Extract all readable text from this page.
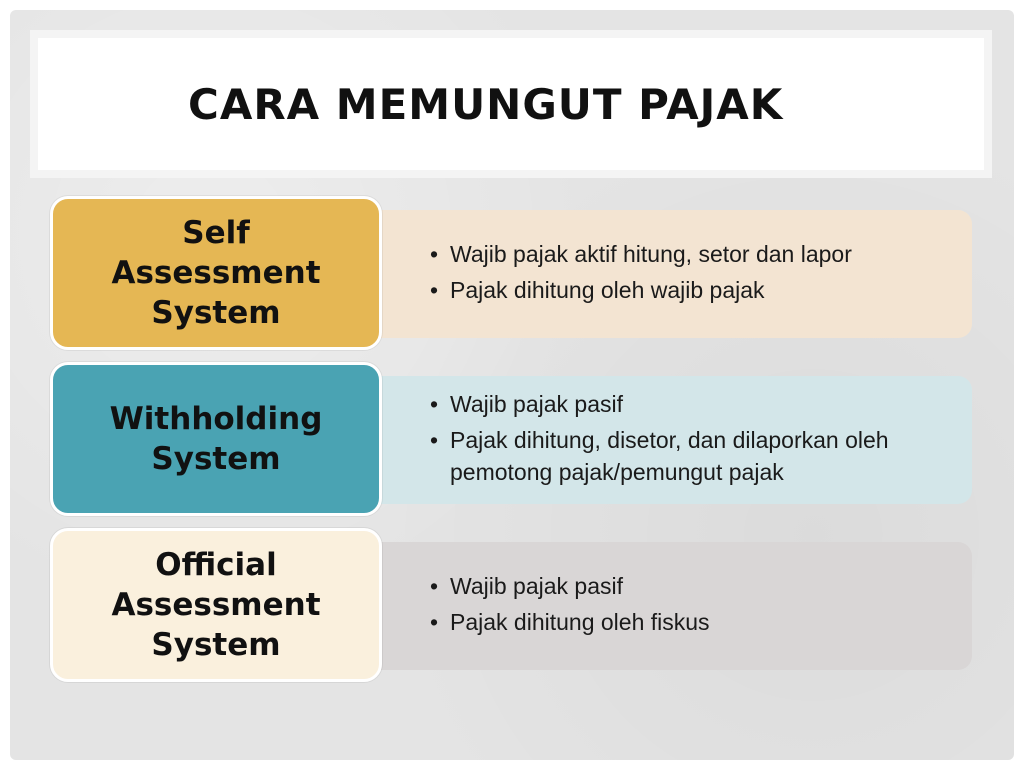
CARA MEMUNGUT PAJAK
• Wajib pajak aktif hitung, setor dan lapor
• Pajak dihitung oleh wajib pajak
Self
Assessment
System
• Wajib pajak pasif
• Pajak dihitung, disetor, dan dilaporkan oleh pemotong pajak/pemungut pajak
Withholding
System
• Wajib pajak pasif
• Pajak dihitung oleh fiskus
Official
Assessment
System
